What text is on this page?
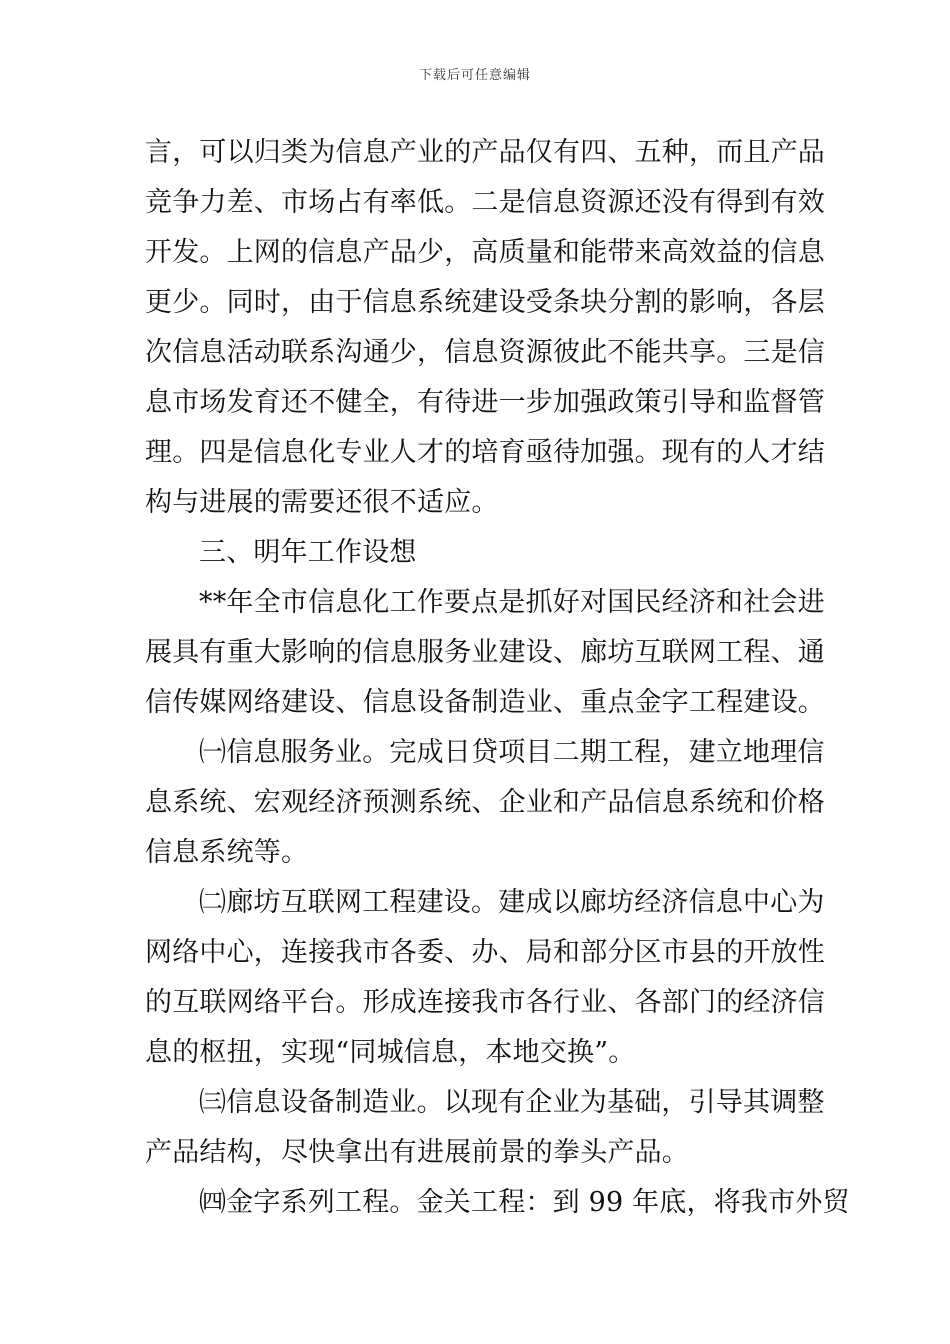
下载后可任意编辑
言，可以归类为信息产业的产品仅有四、五种，而且产品
竞争力差、市场占有率低。二是信息资源还没有得到有效
开发。上网的信息产品少，高质量和能带来高效益的信息
更少。同时，由于信息系统建设受条块分割的影响，各层
次信息活动联系沟通少，信息资源彼此不能共享。三是信
息市场发育还不健全，有待进一步加强政策引导和监督管
理。四是信息化专业人才的培育亟待加强。现有的人才结
构与进展的需要还很不适应。
三、明年工作设想
**年全市信息化工作要点是抓好对国民经济和社会进
展具有重大影响的信息服务业建设、廊坊互联网工程、通
信传媒网络建设、信息设备制造业、重点金字工程建设。
㈠信息服务业。完成日贷项目二期工程，建立地理信
息系统、宏观经济预测系统、企业和产品信息系统和价格
信息系统等。
㈡廊坊互联网工程建设。建成以廊坊经济信息中心为
网络中心，连接我市各委、办、局和部分区市县的开放性
的互联网络平台。形成连接我市各行业、各部门的经济信
息的枢扭，实现“同城信息，本地交换”。
㈢信息设备制造业。以现有企业为基础，引导其调整
产品结构，尽快拿出有进展前景的拳头产品。
㈣金字系列工程。金关工程：到 99 年底，将我市外贸
